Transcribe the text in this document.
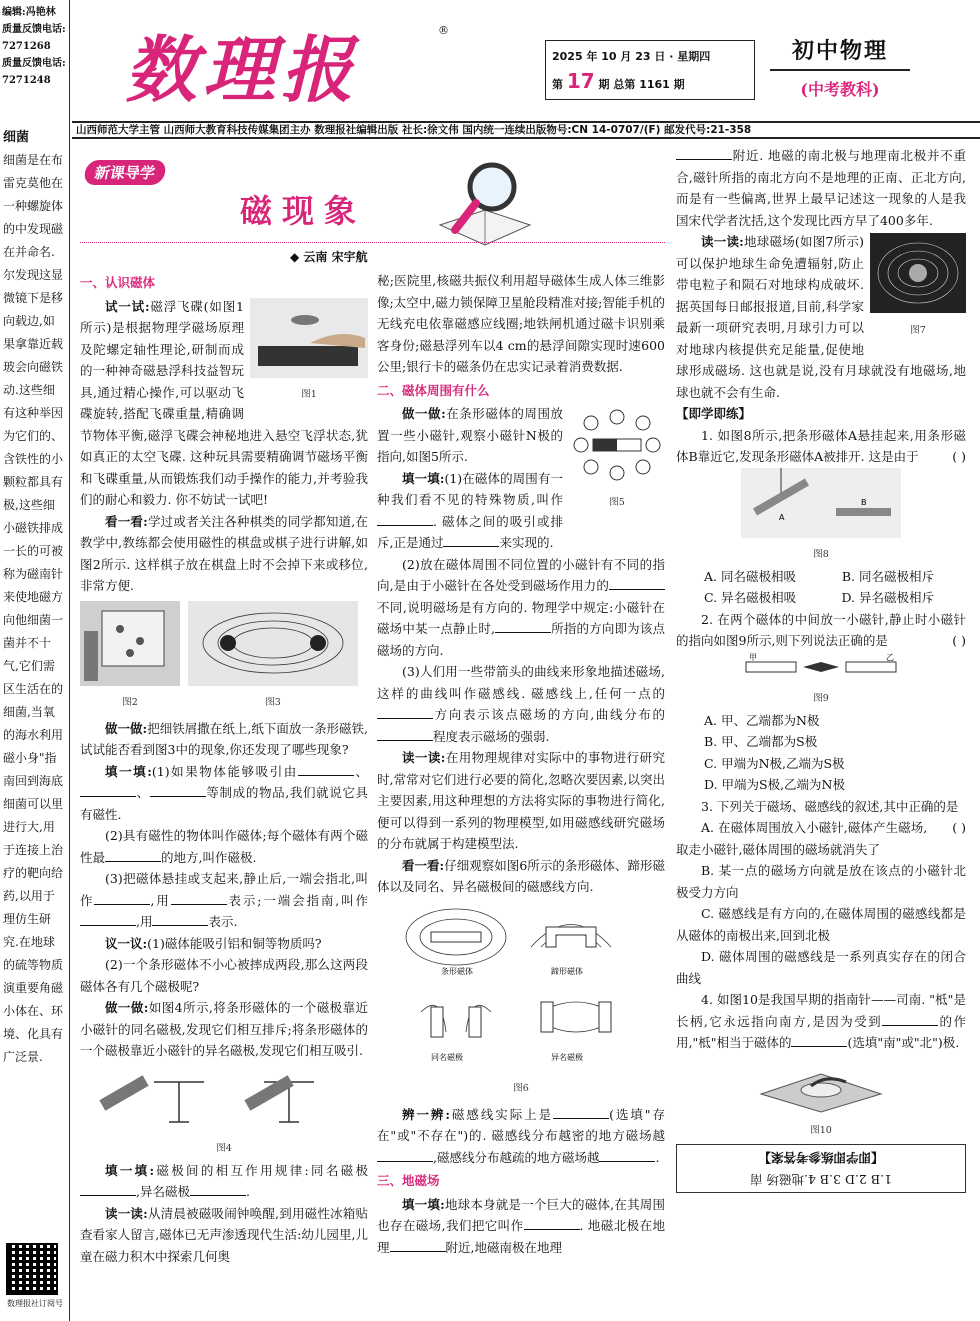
编辑:冯艳林
质量反馈电话:
7271268
质量反馈电话:
7271248 数理报	®
2025 年 10 月 23 日 · 星期四
第 17 期 总第 1161 期
初中物理
(中考教科)
山西师范大学主管 山西师大教育科技传媒集团主办 数理报社编辑出版 社长:徐文伟 国内统一连续出版物号:CN 14-0707/(F) 邮发代号:21-358
细菌
细菌是在布雷克莫他在一种螺旋体的中发现磁在并命名.尔发现这显微镜下是移向载边,如果拿靠近载玻会向磁铁动.这些细有这种举因为它们的、含铁性的小颗粒都具有极,这些细小磁铁排成一长的可被称为磁南针来使地磁方向他细菌一菌并不十气,它们需区生活在的细菌,当氧的海水利用磁小身"指南回到海底细菌可以里进行大,用于连接上治疗的靶向给药,以用于理仿生研究.在地球的硫等物质演重要角磁小体在、环境、化具有广泛景.
数理报社订阅号
新课导学
磁现象
◆ 云南 宋宇航
一、认识磁体
图1

试一试:磁浮飞碟(如图1所示)是根据物理学磁场原理及陀螺定轴性理论,研制而成的一种神奇磁悬浮科技益智玩具,通过精心操作,可以驱动飞碟旋转,搭配飞碟重量,精确调节物体平衡,磁浮飞碟会神秘地进入悬空飞浮状态,犹如真正的太空飞碟. 这种玩具需要精确调节磁场平衡和飞碟重量,从而锻炼我们动手操作的能力,并考验我们的耐心和毅力. 你不妨试一试吧!

看一看:学过或者关注各种棋类的同学都知道,在教学中,教练都会使用磁性的棋盘或棋子进行讲解,如图2所示. 这样棋子放在棋盘上时不会掉下来或移位,非常方便.

图2	图3

做一做:把细铁屑撒在纸上,纸下面放一条形磁铁,试试能否看到图3中的现象,你还发现了哪些现象?

填一填:(1)如果物体能够吸引由	、、	等制成的物品,我们就说它具有磁性.

(2)具有磁性的物体叫作磁体;每个磁体有两个磁性最	的地方,叫作磁极.

(3)把磁体悬挂或支起来,静止后,一端会指北,叫作	,用	表示;一端会指南,叫作,用	表示.

议一议:(1)磁体能吸引铝和铜等物质吗?

(2)一个条形磁体不小心被摔成两段,那么这两段磁体各有几个磁极呢?

做一做:如图4所示,将条形磁体的一个磁极靠近小磁针的同名磁极,发现它们相互排斥;将条形磁体的一个磁极靠近小磁针的异名磁极,发现它们相互吸引.

图4

填一填:磁极间的相互作用规律:同名磁极,异名磁极	.

读一读:从清晨被磁吸闹钟唤醒,到用磁性冰箱贴查看家人留言,磁体已无声渗透现代生活:幼儿园里,儿童在磁力积木中探索几何奥

秘;医院里,核磁共振仪利用超导磁体生成人体三维影像;太空中,磁力锁保障卫星舱段精准对接;智能手机的无线充电依靠磁感应线圈;地铁闸机通过磁卡识别乘客身份;磁悬浮列车以4 cm的悬浮间隙实现时速600公里;银行卡的磁条仍在忠实记录着消费数据.

二、磁体周围有什么
图5

做一做:在条形磁体的周围放置一些小磁针,观察小磁针N极的指向,如图5所示.

填一填:(1)在磁体的周围有一种我们看不见的特殊物质,叫作. 磁体之间的吸引或排斥,正是通过	来实现的.

(2)放在磁体周围不同位置的小磁针有不同的指向,是由于小磁针在各处受到磁场作用力的不同,说明磁场是有方向的. 物理学中规定:小磁针在磁场中某一点静止时,	所指的方向即为该点磁场的方向.

(3)人们用一些带箭头的曲线来形象地描述磁场,这样的曲线叫作磁感线. 磁感线上,任何一点的方向表示该点磁场的方向,曲线分布的程度表示磁场的强弱.

读一读:在用物理规律对实际中的事物进行研究时,常常对它们进行必要的简化,忽略次要因素,以突出主要因素,用这种理想的方法将实际的事物进行简化,便可以得到一系列的物理模型,如用磁感线研究磁场的分布就属于构建模型法.

看一看:仔细观察如图6所示的条形磁体、蹄形磁体以及同名、异名磁极间的磁感线方向.

条形磁体	蹄形磁体
同名磁极	异名磁极
图6

辨一辨:磁感线实际上是	(选填"存在"或"不存在")的. 磁感线分布越密的地方磁场越,磁感线分布越疏的地方磁场越	.

三、地磁场

填一填:地球本身就是一个巨大的磁体,在其周围也存在磁场,我们把它叫作	. 地磁北极在地理	附近,地磁南极在地理

附近. 地磁的南北极与地理南北极并不重合,磁针所指的南北方向不是地理的正南、正北方向,而是有一些偏离,世界上最早记述这一现象的人是我国宋代学者沈括,这个发现比西方早了400多年.

图7

读一读:地球磁场(如图7所示)可以保护地球生命免遭辐射,防止带电粒子和陨石对地球构成破坏. 据英国每日邮报报道,目前,科学家最新一项研究表明,月球引力可以对地球内核提供充足能量,促使地球形成磁场. 这也就是说,没有月球就没有地磁场,地球也就不会有生命.

【即学即练】

1. 如图8所示,把条形磁体A悬挂起来,用条形磁体B靠近它,发现条形磁体A被排开. 这是由于	( )

A
B
图8
A. 同名磁极相吸	B. 同名磁极相斥
C. 异名磁极相吸	D. 异名磁极相斥

2. 在两个磁体的中间放一小磁针,静止时小磁针的指向如图9所示,则下列说法正确的是	( )

甲	乙
图9
A. 甲、乙端都为N极
B. 甲、乙端都为S极
C. 甲端为N极,乙端为S极
D. 甲端为S极,乙端为N极

3. 下列关于磁场、磁感线的叙述,其中正确的是
( )

A. 在磁体周围放入小磁针,磁体产生磁场,取走小磁针,磁体周围的磁场就消失了

B. 某一点的磁场方向就是放在该点的小磁针北极受力方向

C. 磁感线是有方向的,在磁体周围的磁感线都是从磁体的南极出来,回到北极

D. 磁体周围的磁感线是一系列真实存在的闭合曲线

4. 如图10是我国早期的指南针——司南. "柢"是长柄,它永远指向南方,是因为受到	的作用,"柢"相当于磁体的	(选填"南"或"北")极.

图10
1.B 2.D 3.B 4.地磁场 南
【即学即练参考答案】
